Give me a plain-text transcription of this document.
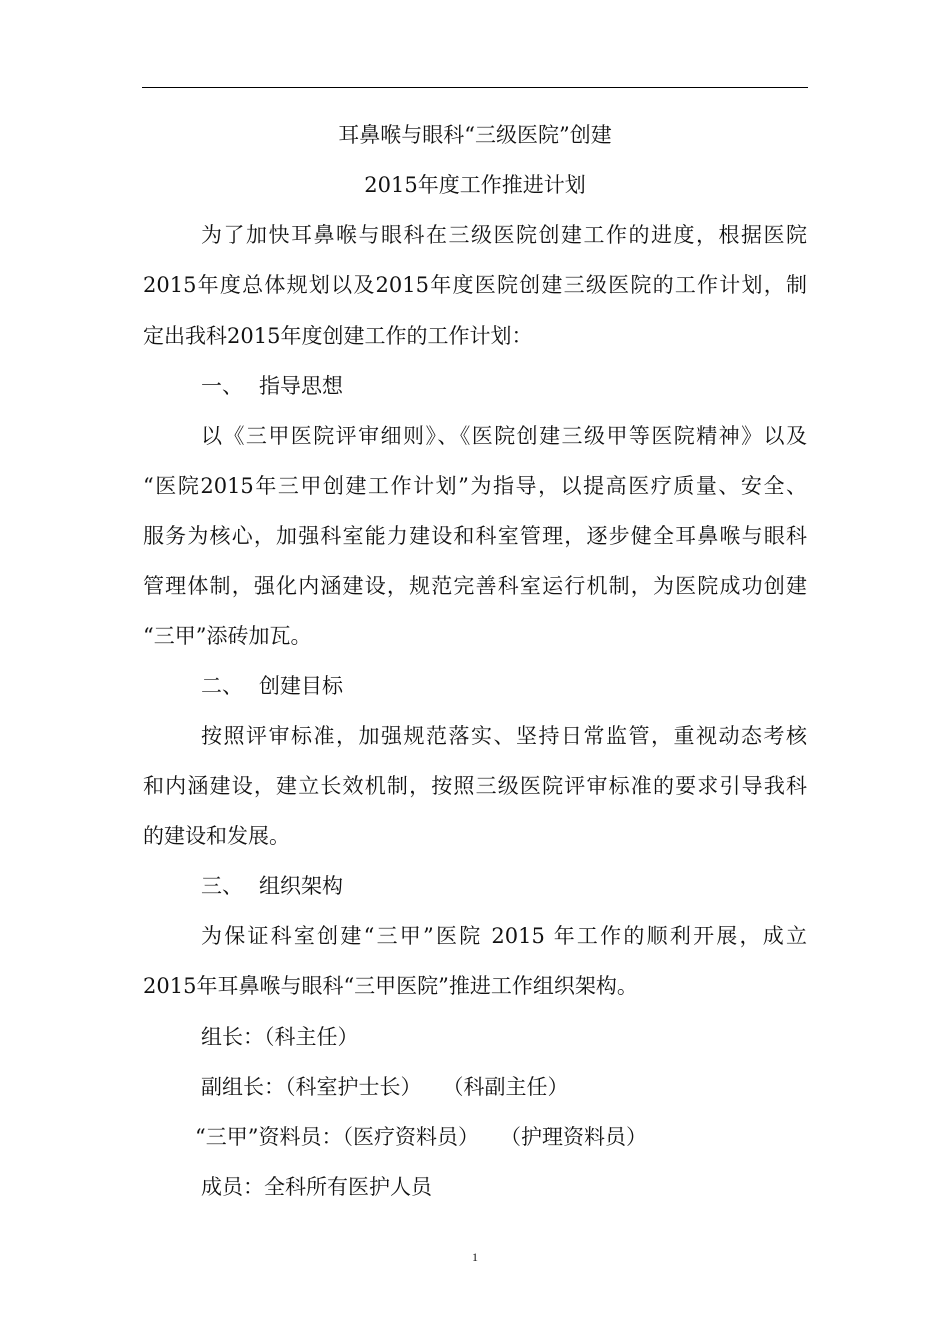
耳鼻喉与眼科“三级医院”创建
2015年度工作推进计划
为了加快耳鼻喉与眼科在三级医院创建工作的进度，根据医院
2015年度总体规划以及2015年度医院创建三级医院的工作计划，制
定出我科2015年度创建工作的工作计划：
一、 指导思想
以《三甲医院评审细则》、《医院创建三级甲等医院精神》以及
“医院2015年三甲创建工作计划”为指导，以提高医疗质量、安全、
服务为核心，加强科室能力建设和科室管理，逐步健全耳鼻喉与眼科
管理体制，强化内涵建设，规范完善科室运行机制，为医院成功创建
“三甲”添砖加瓦。
二、 创建目标
按照评审标准，加强规范落实、坚持日常监管，重视动态考核
和内涵建设，建立长效机制，按照三级医院评审标准的要求引导我科
的建设和发展。
三、 组织架构
为保证科室创建“三甲”医院 2015 年工作的顺利开展，成立
2015年耳鼻喉与眼科“三甲医院”推进工作组织架构。
组长：（科主任）
副组长：（科室护士长）　　（科副主任）
“三甲”资料员：（医疗资料员）　　（护理资料员）
成员：全科所有医护人员
1
